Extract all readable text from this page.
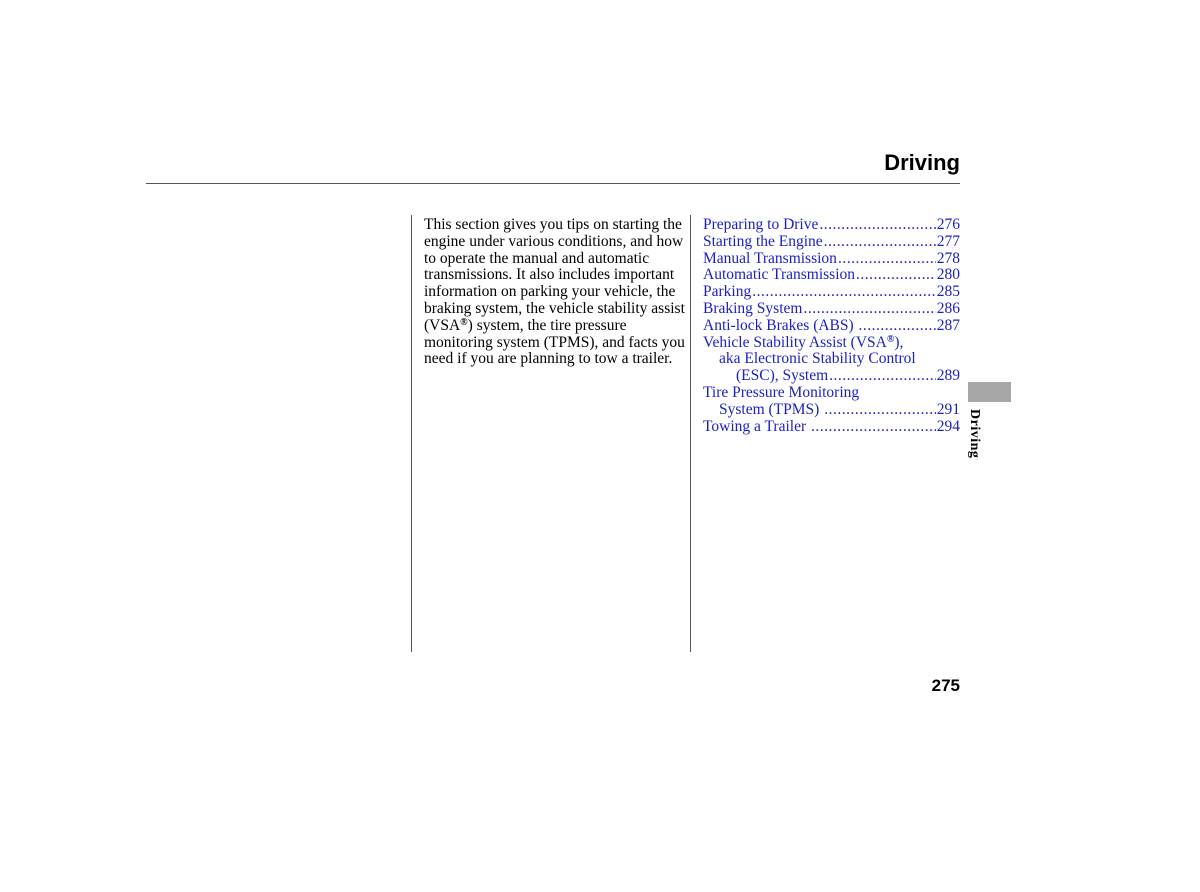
Driving

This section gives you tips on starting the engine under various conditions, and how to operate the manual and automatic transmissions. It also includes important information on parking your vehicle, the braking system, the vehicle stability assist (VSA®) system, the tire pressure monitoring system (TPMS), and facts you need if you are planning to tow a trailer.

Preparing to Drive .....	276
Starting the Engine .....	277
Manual Transmission .....	278
Automatic Transmission .....	280
Parking .....	285
Braking System .....	286
Anti-lock Brakes (ABS) .....	287
Vehicle Stability Assist (VSA®),
aka Electronic Stability Control
(ESC), System .....	289
Tire Pressure Monitoring
System (TPMS) .....	291
Towing a Trailer .....	294 Driving
275
